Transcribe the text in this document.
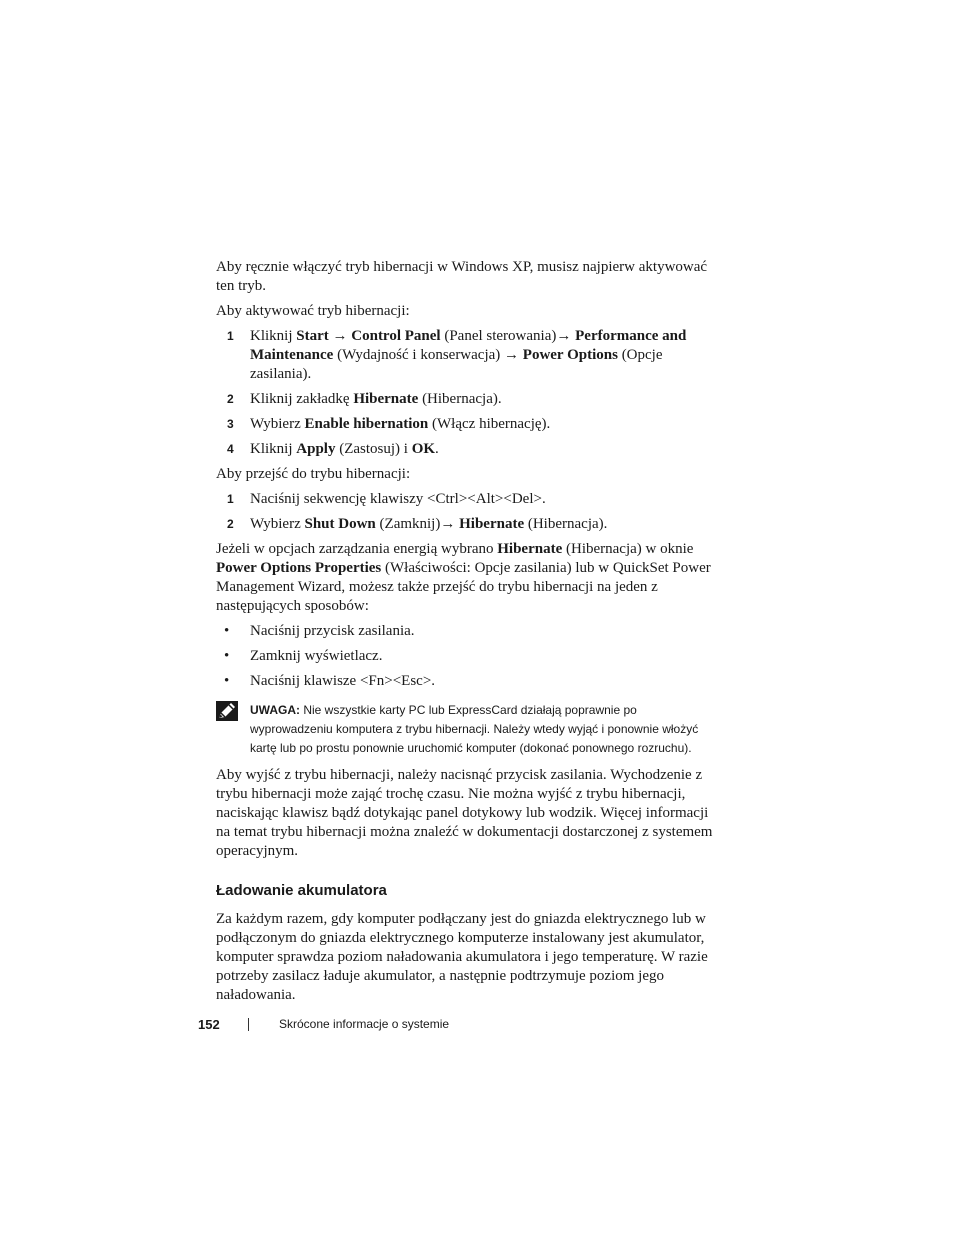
Aby ręcznie włączyć tryb hibernacji w Windows XP, musisz najpierw aktywować ten tryb.

Aby aktywować tryb hibernacji:

1 Kliknij Start → Control Panel (Panel sterowania)→ Performance and Maintenance (Wydajność i konserwacja) → Power Options (Opcje zasilania).
2 Kliknij zakładkę Hibernate (Hibernacja).
3 Wybierz Enable hibernation (Włącz hibernację).
4 Kliknij Apply (Zastosuj) i OK.

Aby przejść do trybu hibernacji:

1 Naciśnij sekwencję klawiszy <Ctrl><Alt><Del>.
2 Wybierz Shut Down (Zamknij)→ Hibernate (Hibernacja).

Jeżeli w opcjach zarządzania energią wybrano Hibernate (Hibernacja) w oknie Power Options Properties (Właściwości: Opcje zasilania) lub w QuickSet Power Management Wizard, możesz także przejść do trybu hibernacji na jeden z następujących sposobów:

• Naciśnij przycisk zasilania.
• Zamknij wyświetlacz.
• Naciśnij klawisze <Fn><Esc>.
UWAGA: Nie wszystkie karty PC lub ExpressCard działają poprawnie po wyprowadzeniu komputera z trybu hibernacji. Należy wtedy wyjąć i ponownie włożyć kartę lub po prostu ponownie uruchomić komputer (dokonać ponownego rozruchu).

Aby wyjść z trybu hibernacji, należy nacisnąć przycisk zasilania. Wychodzenie z trybu hibernacji może zająć trochę czasu. Nie można wyjść z trybu hibernacji, naciskając klawisz bądź dotykając panel dotykowy lub wodzik. Więcej informacji na temat trybu hibernacji można znaleźć w dokumentacji dostarczonej z systemem operacyjnym.

Ładowanie akumulatora

Za każdym razem, gdy komputer podłączany jest do gniazda elektrycznego lub w podłączonym do gniazda elektrycznego komputerze instalowany jest akumulator, komputer sprawdza poziom naładowania akumulatora i jego temperaturę. W razie potrzeby zasilacz ładuje akumulator, a następnie podtrzymuje poziom jego naładowania.

152	Skrócone informacje o systemie
